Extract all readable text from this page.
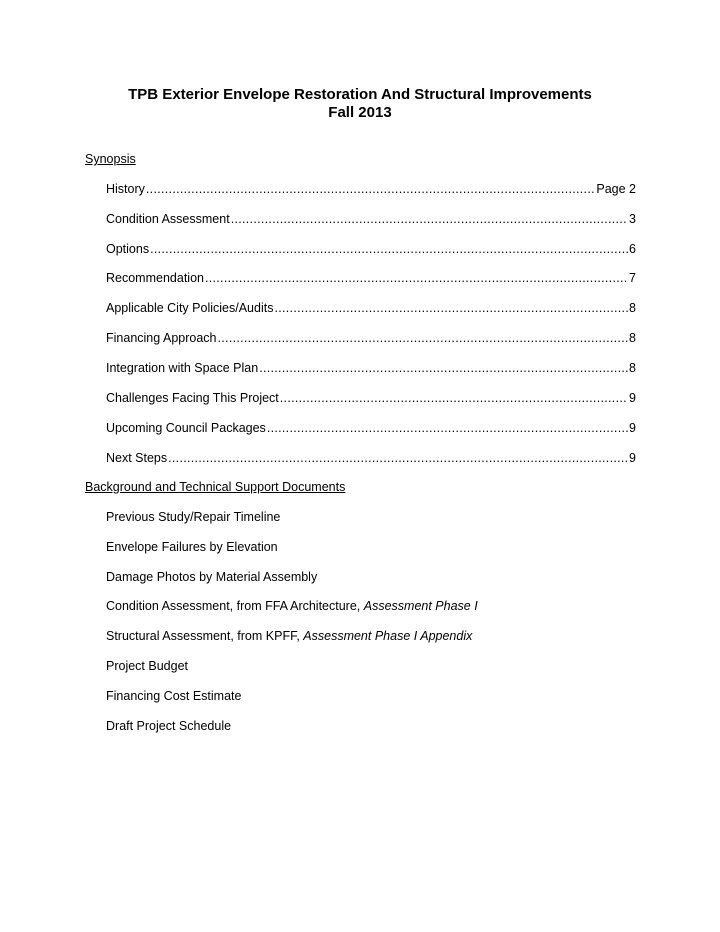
TPB Exterior Envelope Restoration And Structural Improvements
Fall 2013
Synopsis
History .....	Page 2
Condition Assessment .....	3
Options .....	6
Recommendation .....	7
Applicable City Policies/Audits .....	8
Financing Approach .....	8
Integration with Space Plan .....	8
Challenges Facing This Project .....	9
Upcoming Council Packages .....	9
Next Steps .....	9
Background and Technical Support Documents
Previous Study/Repair Timeline
Envelope Failures by Elevation
Damage Photos by Material Assembly
Condition Assessment, from FFA Architecture, Assessment Phase I
Structural Assessment, from KPFF, Assessment Phase I Appendix
Project Budget
Financing Cost Estimate
Draft Project Schedule
